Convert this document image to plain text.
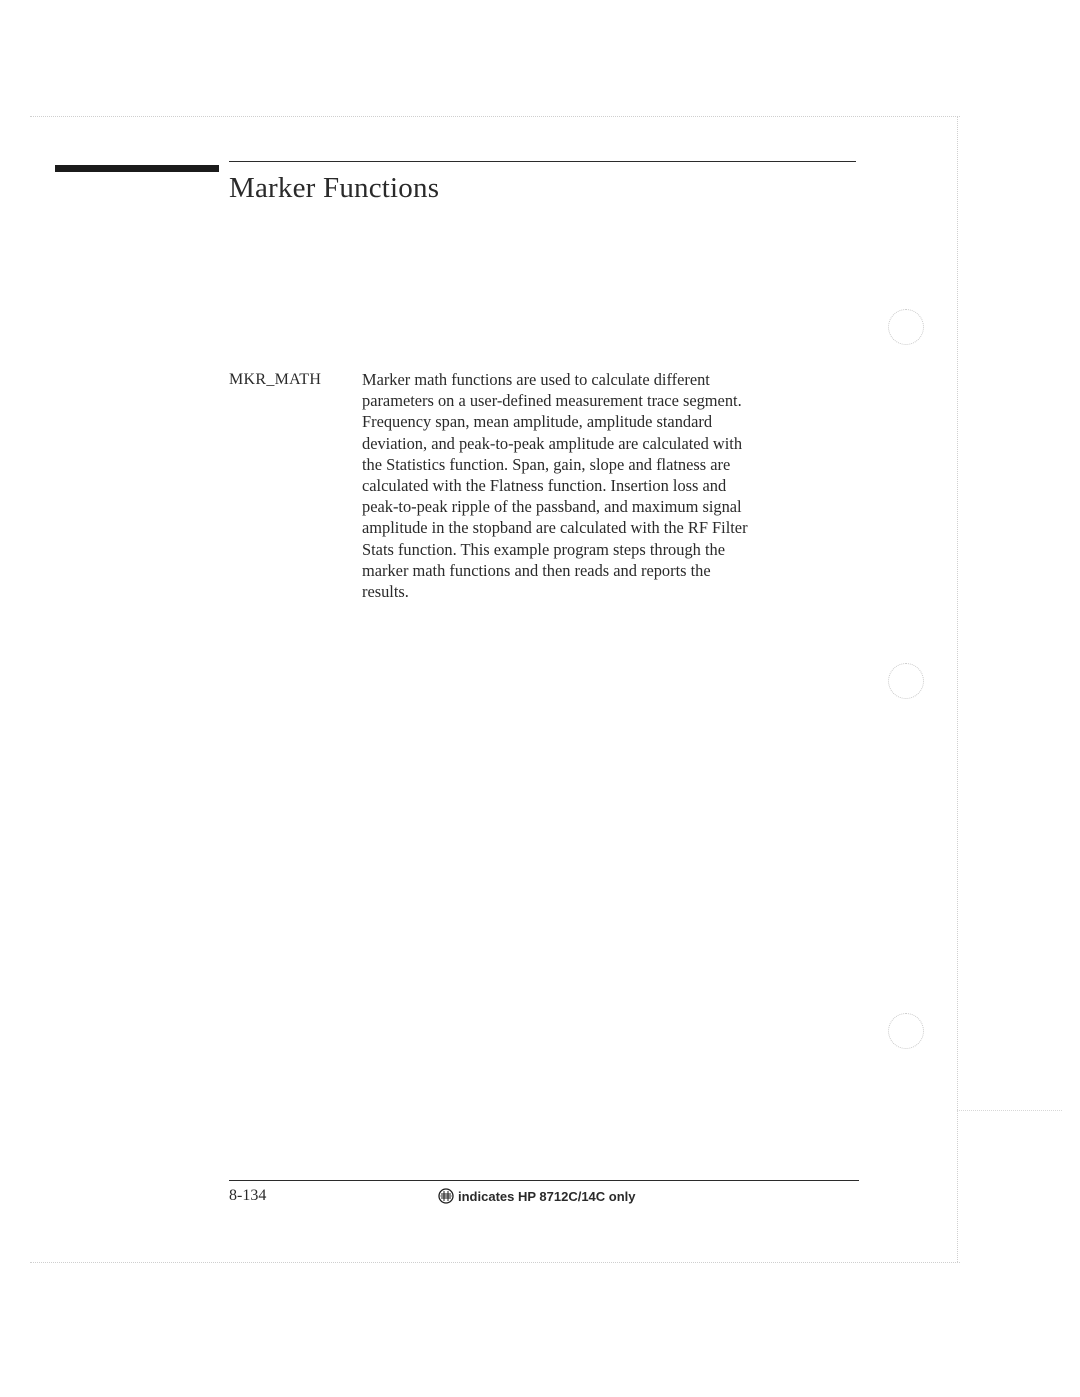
Marker Functions
MKR_MATH Marker math functions are used to calculate different
parameters on a user-defined measurement trace segment.
Frequency span, mean amplitude, amplitude standard
deviation, and peak-to-peak amplitude are calculated with
the Statistics function. Span, gain, slope and flatness are
calculated with the Flatness function. Insertion loss and
peak-to-peak ripple of the passband, and maximum signal
amplitude in the stopband are calculated with the RF Filter
Stats function. This example program steps through the
marker math functions and then reads and reports the
results.

8-134	indicates HP 8712C/14C only
